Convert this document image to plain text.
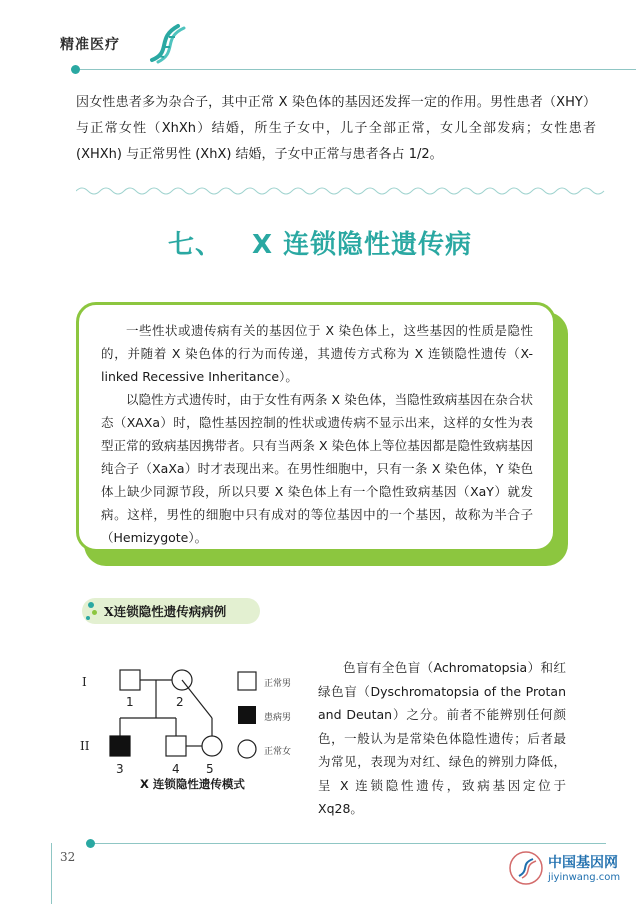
精准医疗
因女性患者多为杂合子，其中正常 X 染色体的基因还发挥一定的作用。男性患者（XHY）与正常女性（XhXh）结婚，所生子女中，儿子全部正常，女儿全部发病；女性患者 (XHXh) 与正常男性 (XhX) 结婚，子女中正常与患者各占 1/2。
七、 X 连锁隐性遗传病

一些性状或遗传病有关的基因位于 X 染色体上，这些基因的性质是隐性的，并随着 X 染色体的行为而传递，其遗传方式称为 X 连锁隐性遗传（X-linked Recessive Inheritance）。

以隐性方式遗传时，由于女性有两条 X 染色体，当隐性致病基因在杂合状态（XAXa）时，隐性基因控制的性状或遗传病不显示出来，这样的女性为表型正常的致病基因携带者。只有当两条 X 染色体上等位基因都是隐性致病基因纯合子（XaXa）时才表现出来。在男性细胞中，只有一条 X 染色体，Y 染色体上缺少同源节段，所以只要 X 染色体上有一个隐性致病基因（XaY）就发病。这样，男性的细胞中只有成对的等位基因中的一个基因，故称为半合子（Hemizygote）。

X连锁隐性遗传病病例
I
II
1	2
3	4 5
X 连锁隐性遗传模式
正常男
患病男
正常女

色盲有全色盲（Achromatopsia）和红绿色盲（Dyschromatopsia of the Protan and Deutan）之分。前者不能辨别任何颜色，一般认为是常染色体隐性遗传；后者最为常见，表现为对红、绿色的辨别力降低，呈 X 连锁隐性遗传，致病基因定位于 Xq28。

32	中国基因网
jiyinwang.com
